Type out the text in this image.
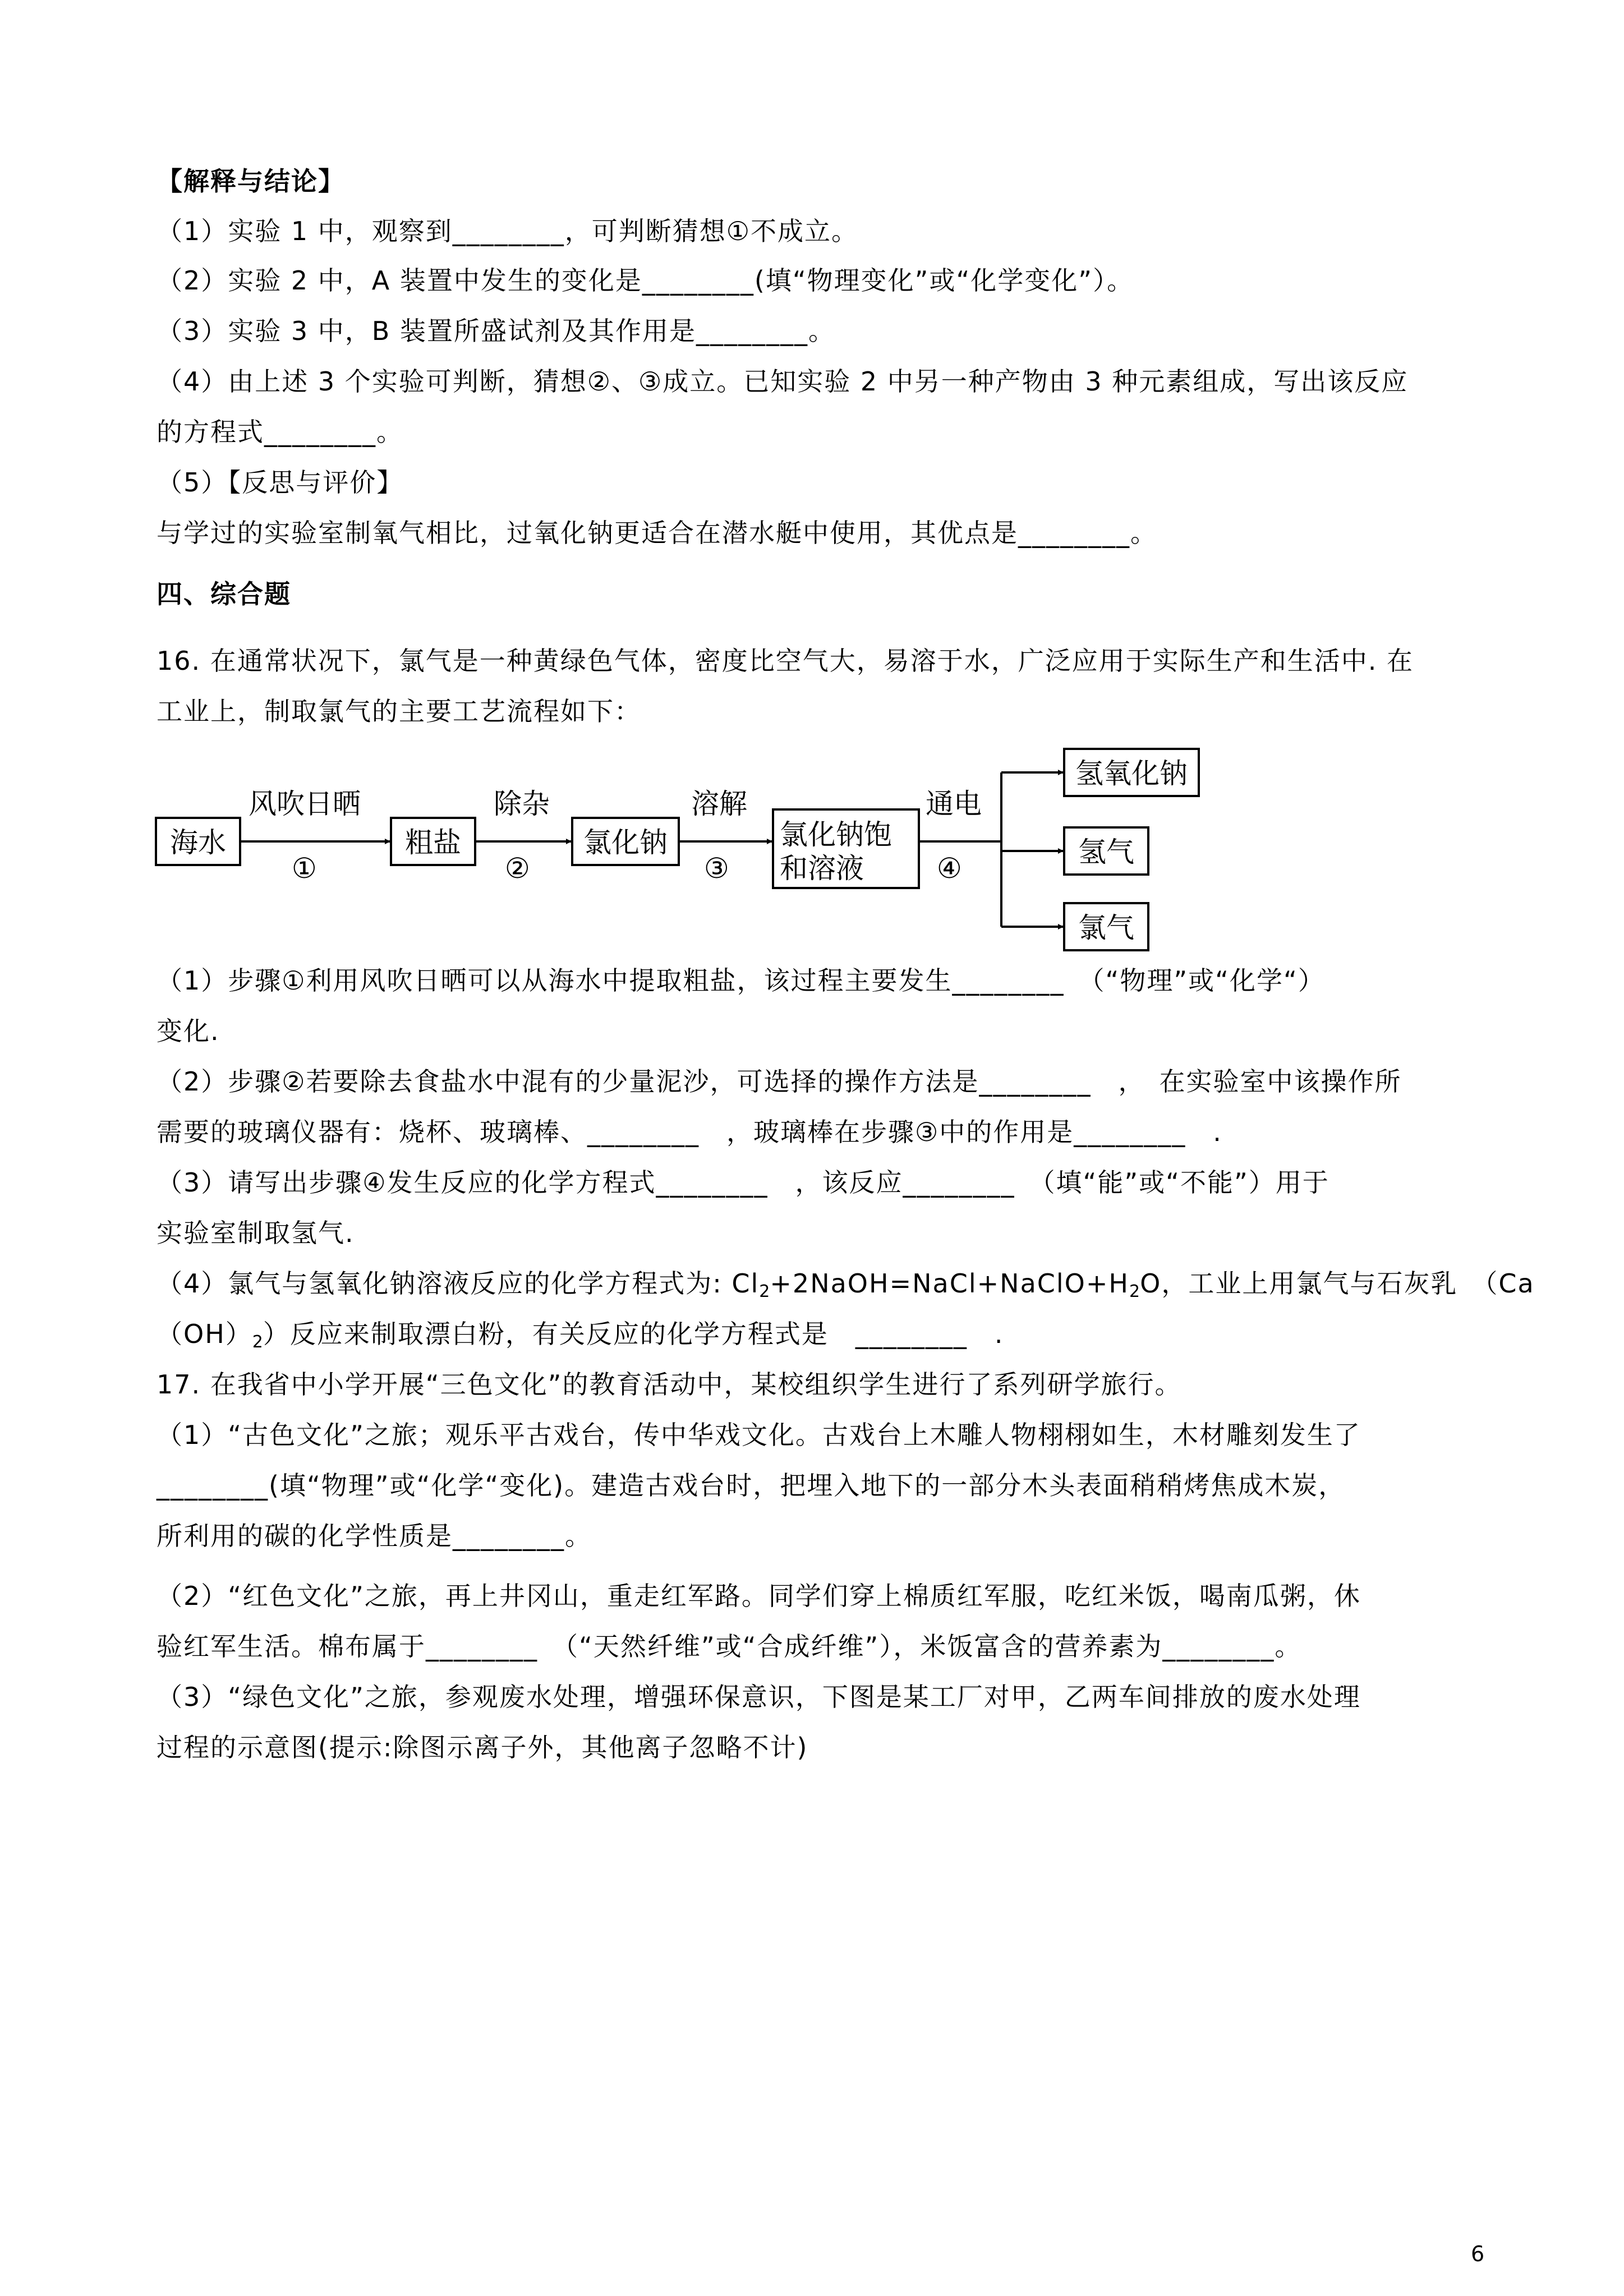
【解释与结论】
（1）实验 1 中，观察到________，可判断猜想①不成立。
（2）实验 2 中，A 装置中发生的变化是________(填“物理变化”或“化学变化”）。
（3）实验 3 中，B 装置所盛试剂及其作用是________。
（4）由上述 3 个实验可判断，猜想②、③成立。已知实验 2 中另一种产物由 3 种元素组成，写出该反应
的方程式________。
（5）【反思与评价】
与学过的实验室制氧气相比，过氧化钠更适合在潜水艇中使用，其优点是________。
四、综合题
16. 在通常状况下，氯气是一种黄绿色气体，密度比空气大，易溶于水，广泛应用于实际生产和生活中. 在
工业上，制取氯气的主要工艺流程如下：
海水	粗盐	氯化钠	氯化钠饱
和溶液
氢氧化钠
氢气
氯气
风吹日晒
①
除杂
②
溶解
③
通电
④
（1）步骤①利用风吹日晒可以从海水中提取粗盐，该过程主要发生________　（“物理”或“化学“）
变化.
（2）步骤②若要除去食盐水中混有的少量泥沙，可选择的操作方法是________　，　在实验室中该操作所
需要的玻璃仪器有：烧杯、玻璃棒、________　，玻璃棒在步骤③中的作用是________　.
（3）请写出步骤④发生反应的化学方程式________　，该反应________　（填“能”或“不能”）用于
实验室制取氢气.
（4）氯气与氢氧化钠溶液反应的化学方程式为: $Cl_2+2NaOH=NaCl+NaClO+H_2O$，工业上用氯气与石灰乳　（Ca
$(OH)_2$）反应来制取漂白粉，有关反应的化学方程式是　________　.
17. 在我省中小学开展“三色文化”的教育活动中，某校组织学生进行了系列研学旅行。
（1）“古色文化”之旅；观乐平古戏台，传中华戏文化。古戏台上木雕人物栩栩如生，木材雕刻发生了
________(填“物理”或“化学“变化)。建造古戏台时，把埋入地下的一部分木头表面稍稍烤焦成木炭，
所利用的碳的化学性质是________。
（2）“红色文化”之旅，再上井冈山，重走红军路。同学们穿上棉质红军服，吃红米饭，喝南瓜粥，休
验红军生活。棉布属于________　（“天然纤维”或“合成纤维”），米饭富含的营养素为________。
（3）“绿色文化”之旅，参观废水处理，增强环保意识，下图是某工厂对甲，乙两车间排放的废水处理
过程的示意图(提示:除图示离子外，其他离子忽略不计)
6
